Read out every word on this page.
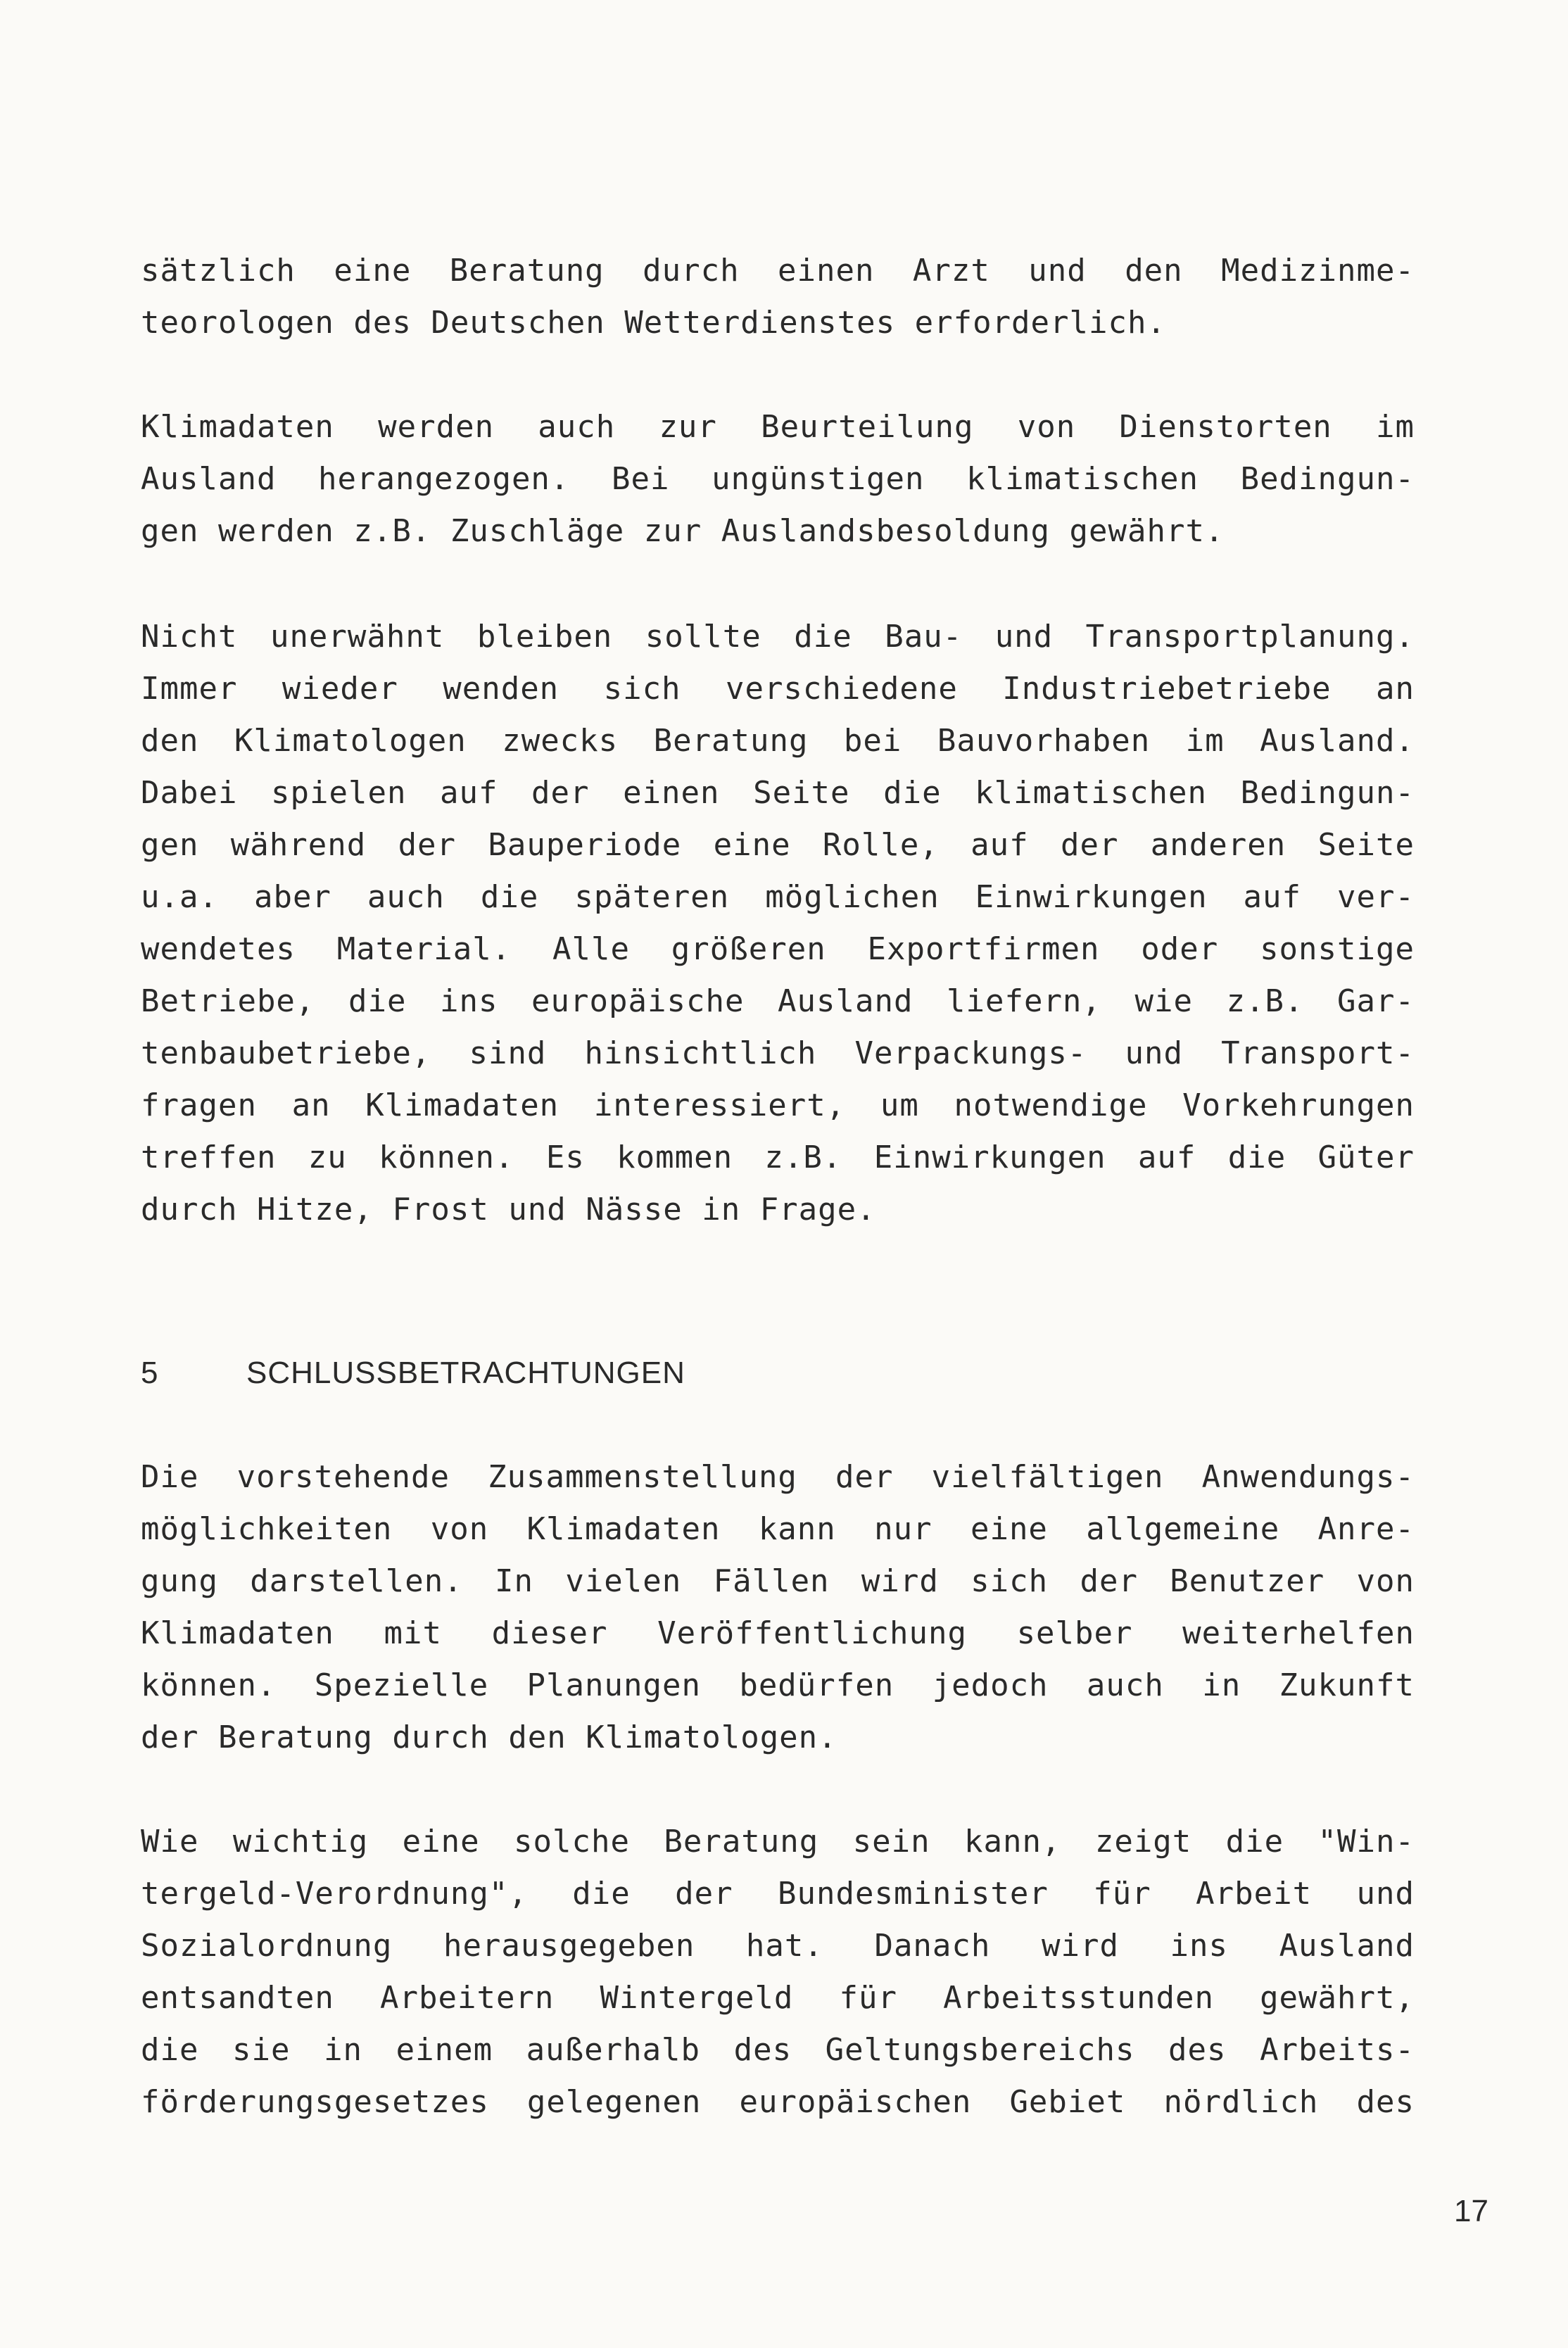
sätzlich eine Beratung durch einen Arzt und den Medizinme-
teorologen des Deutschen Wetterdienstes erforderlich.
Klimadaten werden auch zur Beurteilung von Dienstorten im
Ausland herangezogen. Bei ungünstigen klimatischen Bedingun-
gen werden z.B. Zuschläge zur Auslandsbesoldung gewährt.
Nicht unerwähnt bleiben sollte die Bau- und Transportplanung.
Immer wieder wenden sich verschiedene Industriebetriebe an
den Klimatologen zwecks Beratung bei Bauvorhaben im Ausland.
Dabei spielen auf der einen Seite die klimatischen Bedingun-
gen während der Bauperiode eine Rolle, auf der anderen Seite
u.a. aber auch die späteren möglichen Einwirkungen auf ver-
wendetes Material. Alle größeren Exportfirmen oder sonstige
Betriebe, die ins europäische Ausland liefern, wie z.B. Gar-
tenbaubetriebe, sind hinsichtlich Verpackungs- und Transport-
fragen an Klimadaten interessiert, um notwendige Vorkehrungen
treffen zu können. Es kommen z.B. Einwirkungen auf die Güter
durch Hitze, Frost und Nässe in Frage.
5	SCHLUSSBETRACHTUNGEN
Die vorstehende Zusammenstellung der vielfältigen Anwendungs-
möglichkeiten von Klimadaten kann nur eine allgemeine Anre-
gung darstellen. In vielen Fällen wird sich der Benutzer von
Klimadaten mit dieser Veröffentlichung selber weiterhelfen
können. Spezielle Planungen bedürfen jedoch auch in Zukunft
der Beratung durch den Klimatologen.
Wie wichtig eine solche Beratung sein kann, zeigt die "Win-
tergeld-Verordnung", die der Bundesminister für Arbeit und
Sozialordnung herausgegeben hat. Danach wird ins Ausland
entsandten Arbeitern Wintergeld für Arbeitsstunden gewährt,
die sie in einem außerhalb des Geltungsbereichs des Arbeits-
förderungsgesetzes gelegenen europäischen Gebiet nördlich des
17
